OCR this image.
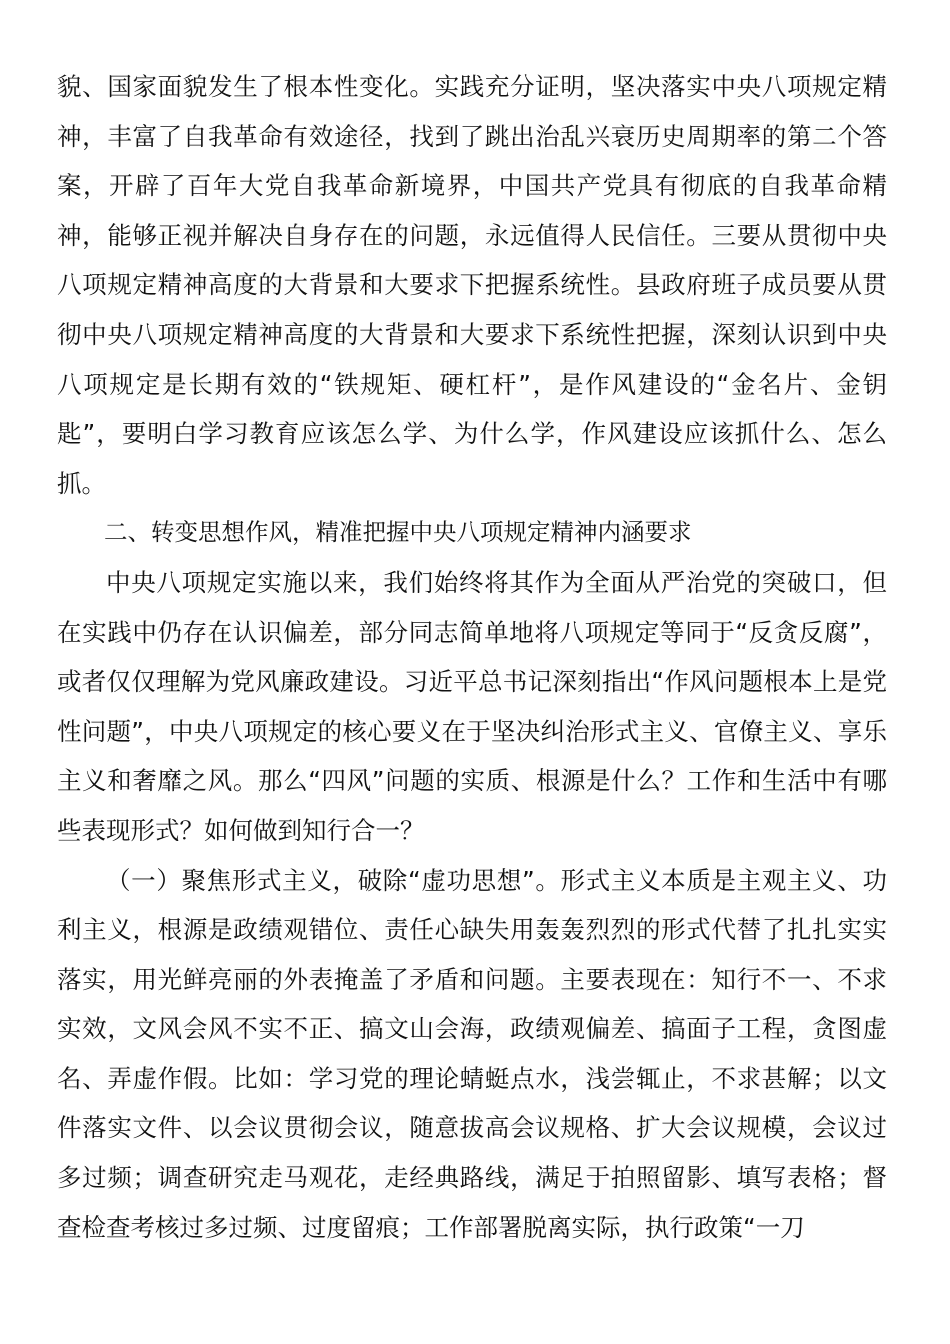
貌、国家面貌发生了根本性变化。实践充分证明，坚决落实中央八项规定精神，丰富了自我革命有效途径，找到了跳出治乱兴衰历史周期率的第二个答案，开辟了百年大党自我革命新境界，中国共产党具有彻底的自我革命精神，能够正视并解决自身存在的问题，永远值得人民信任。三要从贯彻中央八项规定精神高度的大背景和大要求下把握系统性。县政府班子成员要从贯彻中央八项规定精神高度的大背景和大要求下系统性把握，深刻认识到中央八项规定是长期有效的“铁规矩、硬杠杆”，是作风建设的“金名片、金钥匙”，要明白学习教育应该怎么学、为什么学，作风建设应该抓什么、怎么抓。

二、转变思想作风，精准把握中央八项规定精神内涵要求

中央八项规定实施以来，我们始终将其作为全面从严治党的突破口，但在实践中仍存在认识偏差，部分同志简单地将八项规定等同于“反贪反腐”，或者仅仅理解为党风廉政建设。习近平总书记深刻指出“作风问题根本上是党性问题”，中央八项规定的核心要义在于坚决纠治形式主义、官僚主义、享乐主义和奢靡之风。那么“四风”问题的实质、根源是什么？工作和生活中有哪些表现形式？如何做到知行合一？

（一）聚焦形式主义，破除“虚功思想”。形式主义本质是主观主义、功利主义，根源是政绩观错位、责任心缺失用轰轰烈烈的形式代替了扎扎实实落实，用光鲜亮丽的外表掩盖了矛盾和问题。主要表现在：知行不一、不求实效，文风会风不实不正、搞文山会海，政绩观偏差、搞面子工程，贪图虚名、弄虚作假。比如：学习党的理论蜻蜓点水，浅尝辄止，不求甚解；以文件落实文件、以会议贯彻会议，随意拔高会议规格、扩大会议规模，会议过多过频；调查研究走马观花，走经典路线，满足于拍照留影、填写表格；督查检查考核过多过频、过度留痕；工作部署脱离实际，执行政策“一刀
